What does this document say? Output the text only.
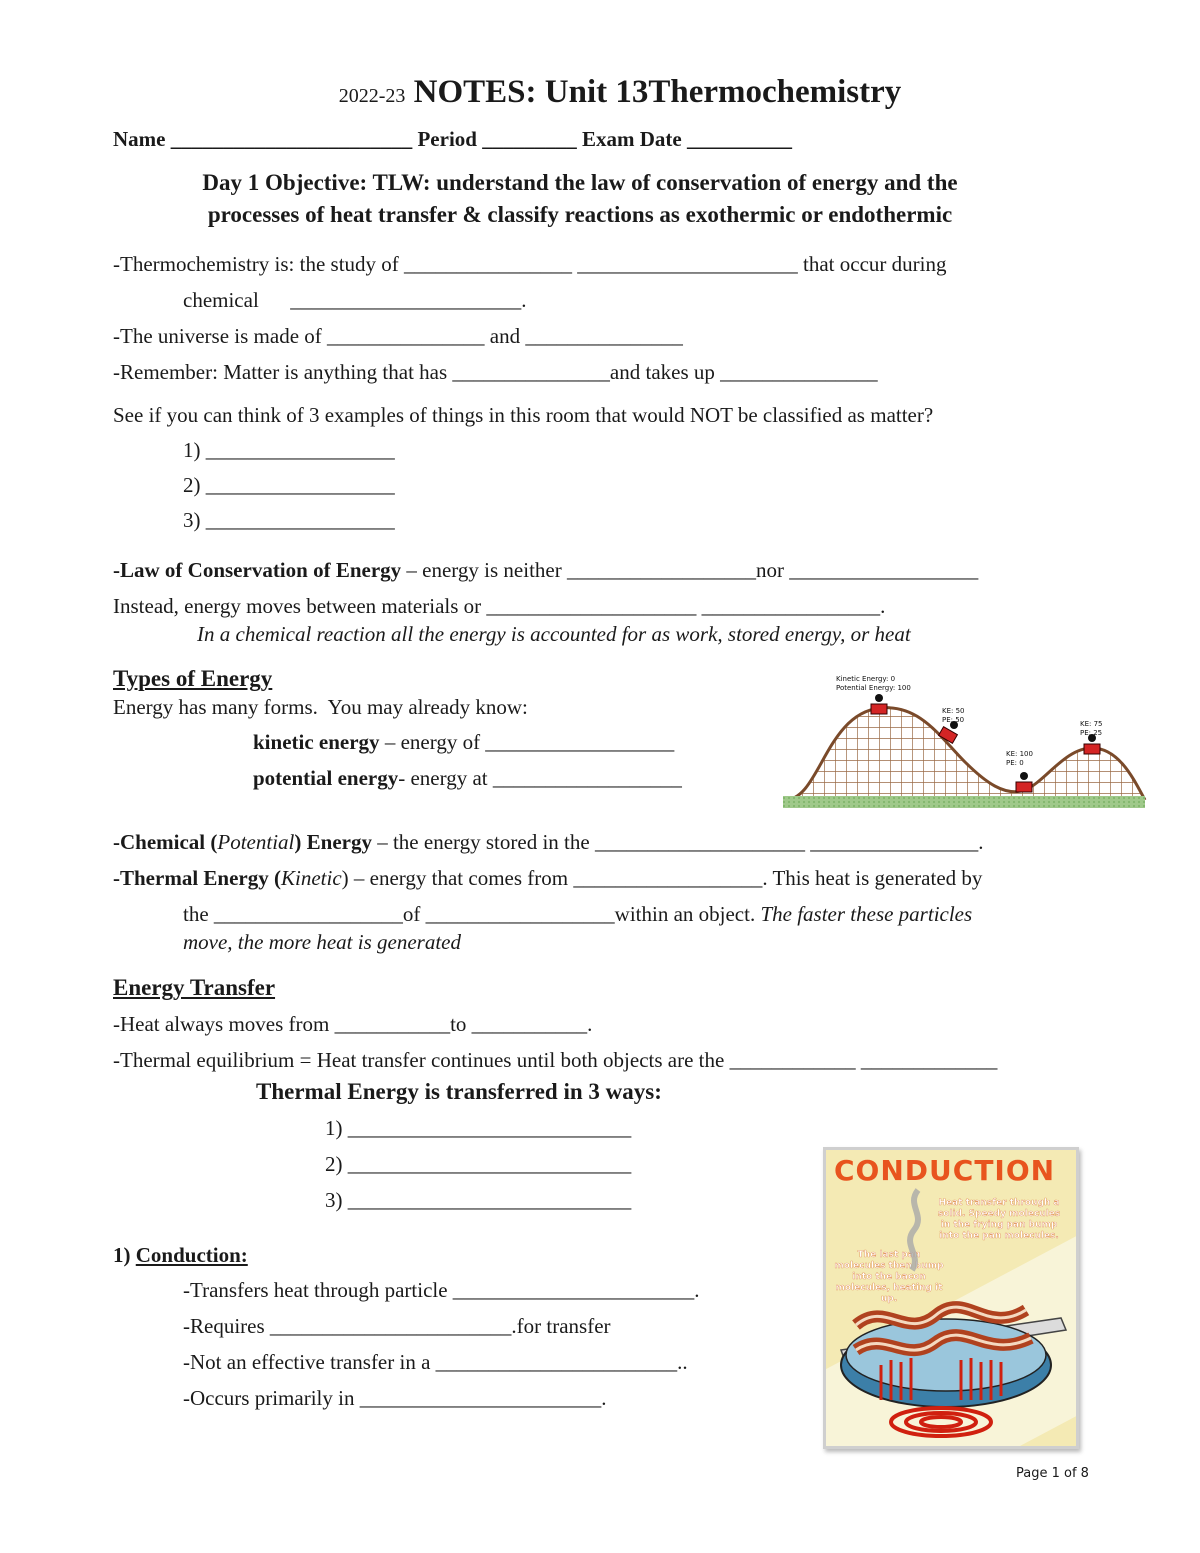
2022-23 NOTES: Unit 13Thermochemistry
Name _______________________ Period _________ Exam Date __________
Day 1 Objective: TLW: understand the law of conservation of energy and the
processes of heat transfer & classify reactions as exothermic or endothermic
-Thermochemistry is: the study of ________________ _____________________ that occur during
chemical      ______________________.
-The universe is made of _______________ and _______________
-Remember: Matter is anything that has _______________and takes up _______________
See if you can think of 3 examples of things in this room that would NOT be classified as matter?
1) __________________
2) __________________
3) __________________
-Law of Conservation of Energy – energy is neither __________________nor __________________
Instead, energy moves between materials or ____________________ _________________.
In a chemical reaction all the energy is accounted for as work, stored energy, or heat
Types of Energy
Energy has many forms.  You may already know:
kinetic energy – energy of __________________
potential energy- energy at __________________
Kinetic Energy: 0
Potential Energy: 100
KE: 50
PE: 50
KE: 100
PE: 0
KE: 75
PE: 25
-Chemical (Potential) Energy – the energy stored in the ____________________ ________________.
-Thermal Energy (Kinetic) – energy that comes from __________________. This heat is generated by
the __________________of __________________within an object. The faster these particles
move, the more heat is generated
Energy Transfer
-Heat always moves from ___________to ___________.
-Thermal equilibrium = Heat transfer continues until both objects are the ____________ _____________
Thermal Energy is transferred in 3 ways:
1) ___________________________
2) ___________________________
3) ___________________________
1) Conduction:
-Transfers heat through particle _______________________.
-Requires _______________________.for transfer
-Not an effective transfer in a _______________________..
-Occurs primarily in _______________________.
CONDUCTION
Heat transfer through a solid. Speedy molecules in the frying pan bump into the pan molecules.
The last pan molecules then bump into the bacon molecules, heating it up.
Page 1 of 8
